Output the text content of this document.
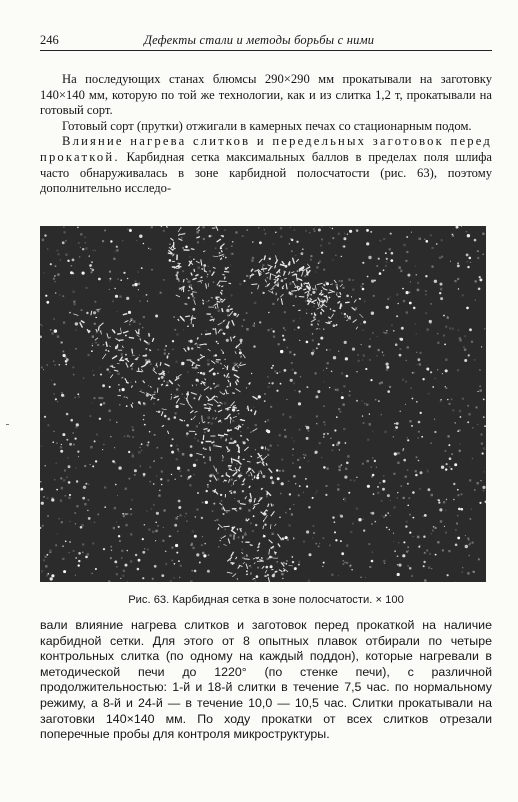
246	Дефекты стали и методы борьбы с ними

На последующих станах блюмсы 290×290 мм прокатывали на заготовку 140×140 мм, которую по той же технологии, как и из слитка 1,2 т, прокатывали на готовый сорт.

Готовый сорт (прутки) отжигали в камерных печах со стационарным подом.

Влияние нагрева слитков и передельных заготовок перед прокаткой. Карбидная сетка максимальных баллов в пределах поля шлифа часто обнаруживалась в зоне карбидной полосчатости (рис. 63), поэтому дополнительно исследо-

Рис. 63. Карбидная сетка в зоне полосчатости. × 100

вали влияние нагрева слитков и заготовок перед прокаткой на наличие карбидной сетки. Для этого от 8 опытных плавок отбирали по четыре контрольных слитка (по одному на каждый поддон), которые нагревали в методической печи до 1220° (по стенке печи), с различной продолжительностью: 1-й и 18-й слитки в течение 7,5 час. по нормальному режиму, а 8-й и 24-й — в течение 10,0 — 10,5 час. Слитки прокатывали на заготовки 140×140 мм. По ходу прокатки от всех слитков отрезали поперечные пробы для контроля микроструктуры.
